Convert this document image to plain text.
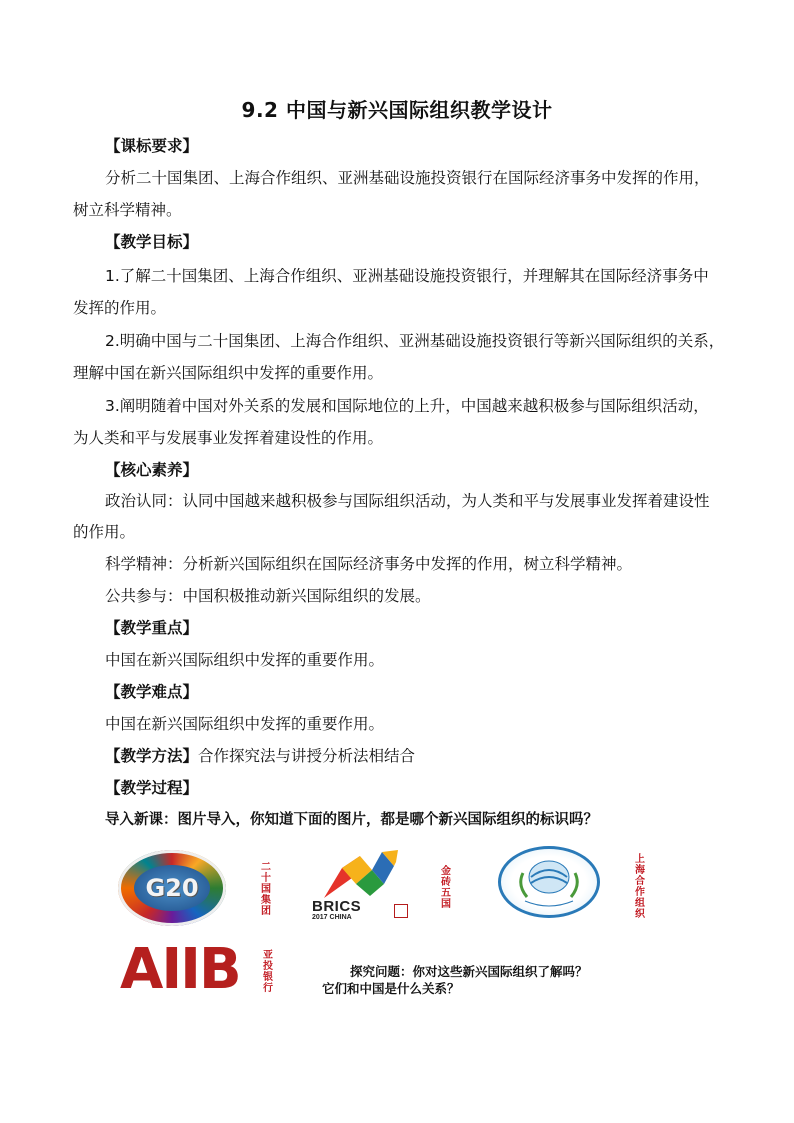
9.2 中国与新兴国际组织教学设计
【课标要求】
分析二十国集团、上海合作组织、亚洲基础设施投资银行在国际经济事务中发挥的作用，
树立科学精神。
【教学目标】
1.了解二十国集团、上海合作组织、亚洲基础设施投资银行，并理解其在国际经济事务中
发挥的作用。
2.明确中国与二十国集团、上海合作组织、亚洲基础设施投资银行等新兴国际组织的关系，
理解中国在新兴国际组织中发挥的重要作用。
3.阐明随着中国对外关系的发展和国际地位的上升，中国越来越积极参与国际组织活动，
为人类和平与发展事业发挥着建设性的作用。
【核心素养】
政治认同：认同中国越来越积极参与国际组织活动，为人类和平与发展事业发挥着建设性
的作用。
科学精神：分析新兴国际组织在国际经济事务中发挥的作用，树立科学精神。
公共参与：中国积极推动新兴国际组织的发展。
【教学重点】
中国在新兴国际组织中发挥的重要作用。
【教学难点】
中国在新兴国际组织中发挥的重要作用。
【教学方法】合作探究法与讲授分析法相结合
【教学过程】
导入新课：图片导入，你知道下面的图片，都是哪个新兴国际组织的标识吗？
G20
二十国集团	BRICS
2017 CHINA
金砖五国
上海合作组织
AIIB 亚投银行
探究问题：你对这些新兴国际组织了解吗？
它们和中国是什么关系？
